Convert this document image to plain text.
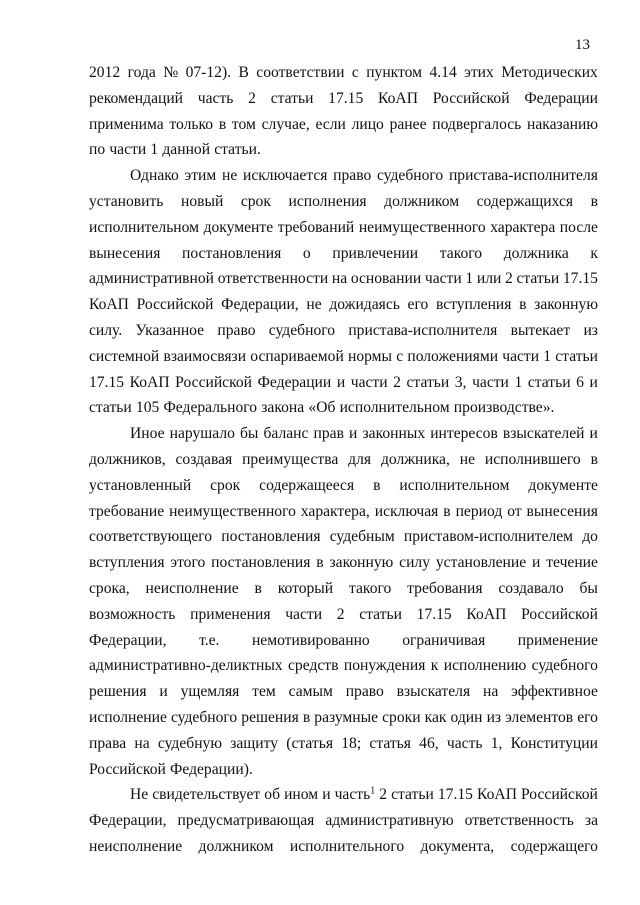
13
2012 года № 07-12). В соответствии с пунктом 4.14 этих Методических
рекомендаций часть 2 статьи 17.15 КоАП Российской Федерации
применима только в том случае, если лицо ранее подвергалось наказанию
по части 1 данной статьи.
Однако этим не исключается право судебного пристава-исполнителя
установить новый срок исполнения должником содержащихся в
исполнительном документе требований неимущественного характера после
вынесения постановления о привлечении такого должника к
административной ответственности на основании части 1 или 2 статьи 17.15
КоАП Российской Федерации, не дожидаясь его вступления в законную
силу. Указанное право судебного пристава-исполнителя вытекает из
системной взаимосвязи оспариваемой нормы с положениями части 1 статьи
17.15 КоАП Российской Федерации и части 2 статьи 3, части 1 статьи 6 и
статьи 105 Федерального закона «Об исполнительном производстве».
Иное нарушало бы баланс прав и законных интересов взыскателей и
должников, создавая преимущества для должника, не исполнившего в
установленный срок содержащееся в исполнительном документе
требование неимущественного характера, исключая в период от вынесения
соответствующего постановления судебным приставом-исполнителем до
вступления этого постановления в законную силу установление и течение
срока, неисполнение в который такого требования создавало бы
возможность применения части 2 статьи 17.15 КоАП Российской
Федерации, т.е. немотивированно ограничивая применение
административно-деликтных средств понуждения к исполнению судебного
решения и ущемляя тем самым право взыскателя на эффективное
исполнение судебного решения в разумные сроки как один из элементов его
права на судебную защиту (статья 18; статья 46, часть 1, Конституции
Российской Федерации).
Не свидетельствует об ином и часть$^1$ 2 статьи 17.15 КоАП Российской
Федерации, предусматривающая административную ответственность за
неисполнение должником исполнительного документа, содержащего
